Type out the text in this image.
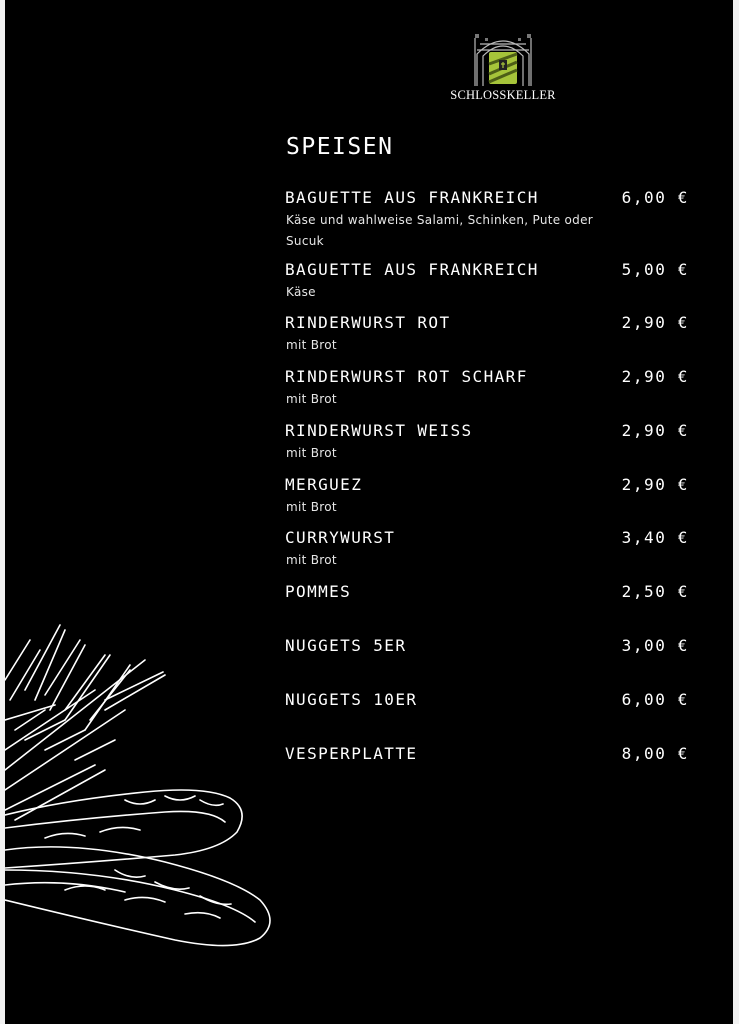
SCHLOSSKELLER
SPEISEN
BAGUETTE AUS FRANKREICH	6,00 €
Käse und wahlweise Salami, Schinken, Pute oder Sucuk
BAGUETTE AUS FRANKREICH	5,00 €
Käse
RINDERWURST ROT	2,90 €
mit Brot
RINDERWURST ROT SCHARF	2,90 €
mit Brot
RINDERWURST WEISS	2,90 €
mit Brot
MERGUEZ	2,90 €
mit Brot
CURRYWURST	3,40 €
mit Brot
POMMES	2,50 €
NUGGETS 5ER	3,00 €
NUGGETS 10ER	6,00 €
VESPERPLATTE	8,00 €
